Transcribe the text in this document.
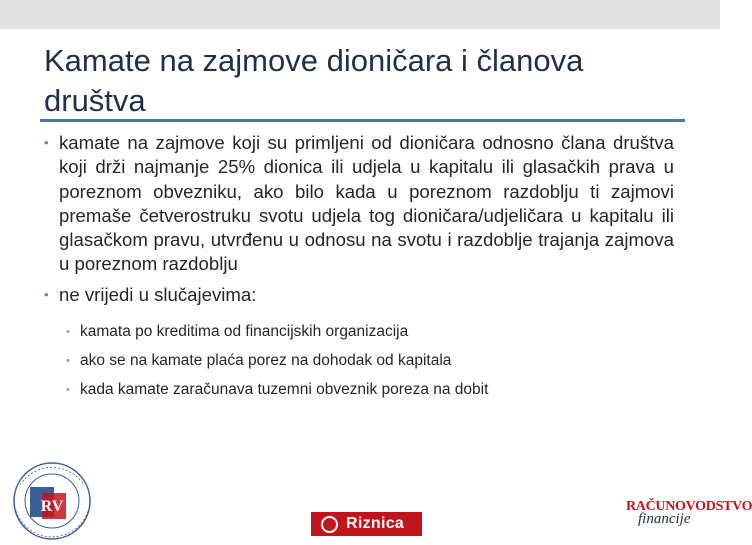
Kamate na zajmove dioničara i članova društva
• kamate na zajmove koji su primljeni od dioničara odnosno člana društva koji drži najmanje 25% dionica ili udjela u kapitalu ili glasačkih prava u poreznom obvezniku, ako bilo kada u poreznom razdoblju ti zajmovi premaše četverostruku svotu udjela tog dioničara/udjeličara u kapitalu ili glasačkom pravu, utvrđenu u odnosu na svotu i razdoblje trajanja zajmova u poreznom razdoblju
• ne vrijedi u slučajevima:
• kamata po kreditima od financijskih organizacija
• ako se na kamate plaća porez na dohodak od kapitala
• kada kamate zaračunava tuzemni obveznik poreza na dobit
RV
Riznica
RAČUNOVODSTVO
financije
